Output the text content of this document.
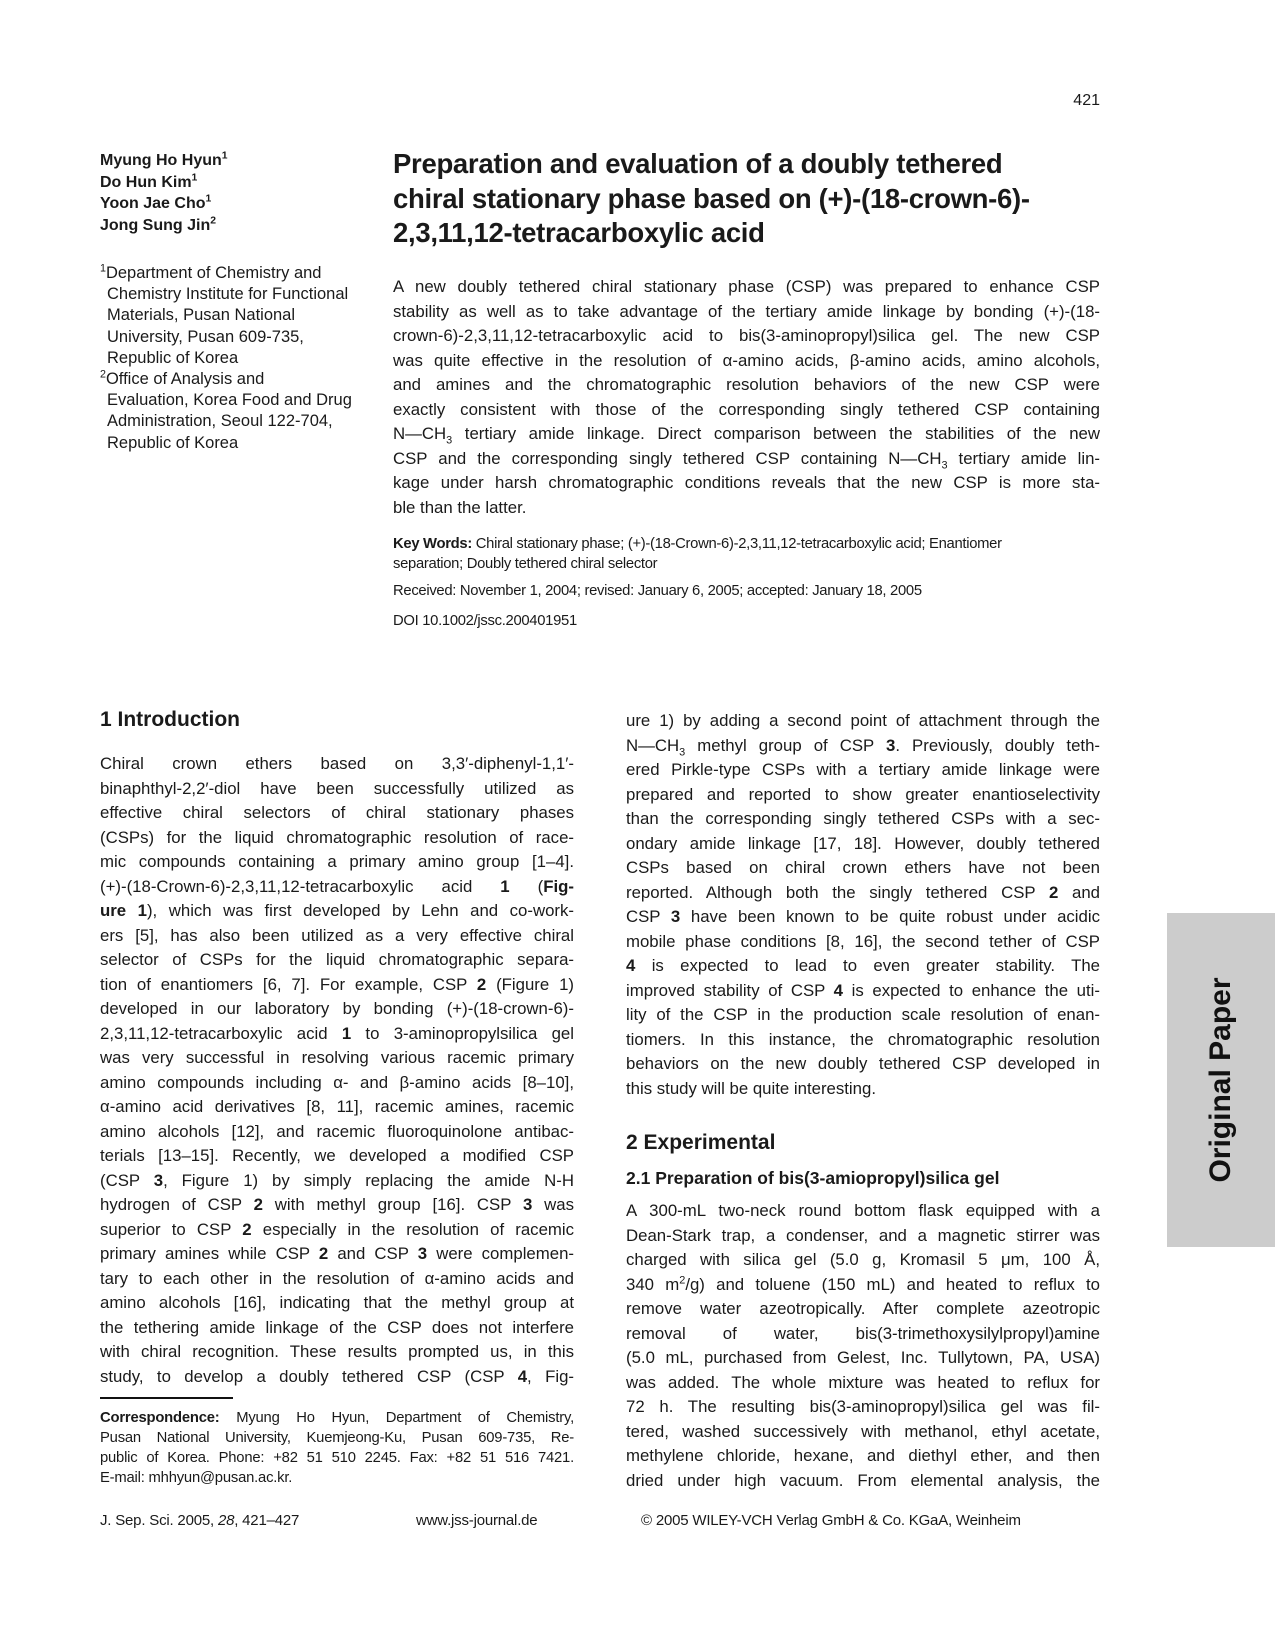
421
Myung Ho Hyun$^1$
Do Hun Kim$^1$
Yoon Jae Cho$^1$
Jong Sung Jin$^2$
$^1$Department of Chemistry and
Chemistry Institute for Functional
Materials, Pusan National
University, Pusan 609-735,
Republic of Korea
$^2$Office of Analysis and
Evaluation, Korea Food and Drug
Administration, Seoul 122-704,
Republic of Korea
Preparation and evaluation of a doubly tethered
chiral stationary phase based on (+)-(18-crown-6)-
2,3,11,12-tetracarboxylic acid
A new doubly tethered chiral stationary phase (CSP) was prepared to enhance CSP
stability as well as to take advantage of the tertiary amide linkage by bonding (+)-(18-
crown-6)-2,3,11,12-tetracarboxylic acid to bis(3-aminopropyl)silica gel. The new CSP
was quite effective in the resolution of α-amino acids, β-amino acids, amino alcohols,
and amines and the chromatographic resolution behaviors of the new CSP were
exactly consistent with those of the corresponding singly tethered CSP containing
$N—CH_3$ tertiary amide linkage. Direct comparison between the stabilities of the new
CSP and the corresponding singly tethered CSP containing $N—CH_3$ tertiary amide lin-
kage under harsh chromatographic conditions reveals that the new CSP is more sta-
ble than the latter.
Key Words: Chiral stationary phase; (+)-(18-Crown-6)-2,3,11,12-tetracarboxylic acid; Enantiomer
separation; Doubly tethered chiral selector
Received: November 1, 2004; revised: January 6, 2005; accepted: January 18, 2005
DOI 10.1002/jssc.200401951
1 Introduction
Chiral crown ethers based on 3,3′-diphenyl-1,1′-
binaphthyl-2,2′-diol have been successfully utilized as
effective chiral selectors of chiral stationary phases
(CSPs) for the liquid chromatographic resolution of race-
mic compounds containing a primary amino group [1–4].
(+)-(18-Crown-6)-2,3,11,12-tetracarboxylic acid 1 (Fig-
ure 1), which was first developed by Lehn and co-work-
ers [5], has also been utilized as a very effective chiral
selector of CSPs for the liquid chromatographic separa-
tion of enantiomers [6, 7]. For example, CSP 2 (Figure 1)
developed in our laboratory by bonding (+)-(18-crown-6)-
2,3,11,12-tetracarboxylic acid 1 to 3-aminopropylsilica gel
was very successful in resolving various racemic primary
amino compounds including α- and β-amino acids [8–10],
α-amino acid derivatives [8, 11], racemic amines, racemic
amino alcohols [12], and racemic fluoroquinolone antibac-
terials [13–15]. Recently, we developed a modified CSP
(CSP 3, Figure 1) by simply replacing the amide N-H
hydrogen of CSP 2 with methyl group [16]. CSP 3 was
superior to CSP 2 especially in the resolution of racemic
primary amines while CSP 2 and CSP 3 were complemen-
tary to each other in the resolution of α-amino acids and
amino alcohols [16], indicating that the methyl group at
the tethering amide linkage of the CSP does not interfere
with chiral recognition. These results prompted us, in this
study, to develop a doubly tethered CSP (CSP 4, Fig-
ure 1) by adding a second point of attachment through the
$N—CH_3$ methyl group of CSP 3. Previously, doubly teth-
ered Pirkle-type CSPs with a tertiary amide linkage were
prepared and reported to show greater enantioselectivity
than the corresponding singly tethered CSPs with a sec-
ondary amide linkage [17, 18]. However, doubly tethered
CSPs based on chiral crown ethers have not been
reported. Although both the singly tethered CSP 2 and
CSP 3 have been known to be quite robust under acidic
mobile phase conditions [8, 16], the second tether of CSP
4 is expected to lead to even greater stability. The
improved stability of CSP 4 is expected to enhance the uti-
lity of the CSP in the production scale resolution of enan-
tiomers. In this instance, the chromatographic resolution
behaviors on the new doubly tethered CSP developed in
this study will be quite interesting.
2 Experimental
2.1 Preparation of bis(3-amiopropyl)silica gel
A 300-mL two-neck round bottom flask equipped with a
Dean-Stark trap, a condenser, and a magnetic stirrer was
charged with silica gel (5.0 g, Kromasil 5 μm, 100 Å,
340 $m^2/g$) and toluene (150 mL) and heated to reflux to
remove water azeotropically. After complete azeotropic
removal of water, bis(3-trimethoxysilylpropyl)amine
(5.0 mL, purchased from Gelest, Inc. Tullytown, PA, USA)
was added. The whole mixture was heated to reflux for
72 h. The resulting bis(3-aminopropyl)silica gel was fil-
tered, washed successively with methanol, ethyl acetate,
methylene chloride, hexane, and diethyl ether, and then
dried under high vacuum. From elemental analysis, the
Correspondence: Myung Ho Hyun, Department of Chemistry,
Pusan National University, Kuemjeong-Ku, Pusan 609-735, Re-
public of Korea. Phone: +82 51 510 2245. Fax: +82 51 516 7421.
E-mail: mhhyun@pusan.ac.kr.
J. Sep. Sci. 2005, 28, 421–427	www.jss-journal.de	© 2005 WILEY-VCH Verlag GmbH & Co. KGaA, Weinheim
Original Paper
